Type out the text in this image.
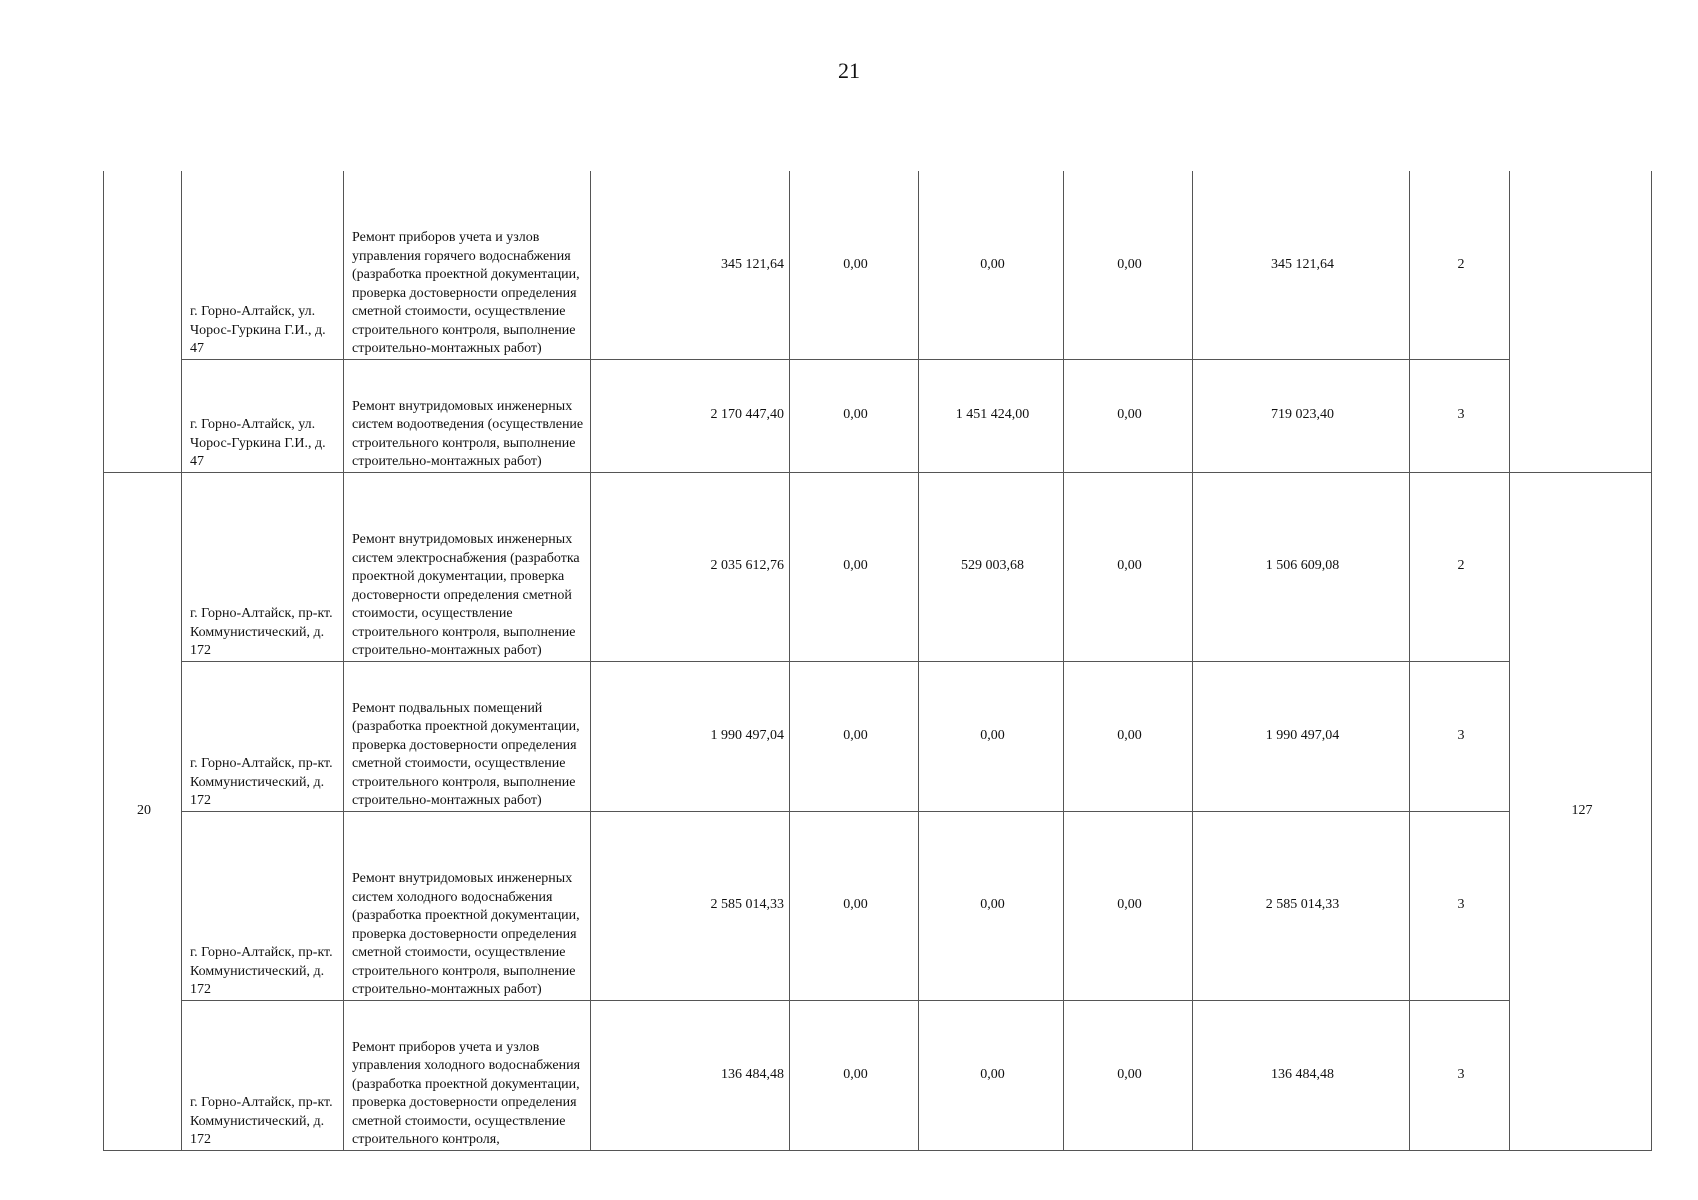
21
	г. Горно-Алтайск, ул. Чорос-Гуркина Г.И., д. 47	Ремонт приборов учета и узлов управления горячего водоснабжения (разработка проектной документации, проверка достоверности определения сметной стоимости, осуществление строительного контроля, выполнение строительно-монтажных работ)	345 121,64	0,00	0,00	0,00	345 121,64	2	
	г. Горно-Алтайск, ул. Чорос-Гуркина Г.И., д. 47	Ремонт внутридомовых инженерных систем водоотведения (осуществление строительного контроля, выполнение строительно-монтажных работ)	2 170 447,40	0,00	1 451 424,00	0,00	719 023,40	3	
20	г. Горно-Алтайск, пр-кт. Коммунистический, д. 172	Ремонт внутридомовых инженерных систем электроснабжения (разработка проектной документации, проверка достоверности определения сметной стоимости, осуществление строительного контроля, выполнение строительно-монтажных работ)	2 035 612,76	0,00	529 003,68	0,00	1 506 609,08	2	127
	г. Горно-Алтайск, пр-кт. Коммунистический, д. 172	Ремонт подвальных помещений (разработка проектной документации, проверка достоверности определения сметной стоимости, осуществление строительного контроля, выполнение строительно-монтажных работ)	1 990 497,04	0,00	0,00	0,00	1 990 497,04	3	
	г. Горно-Алтайск, пр-кт. Коммунистический, д. 172	Ремонт внутридомовых инженерных систем холодного водоснабжения (разработка проектной документации, проверка достоверности определения сметной стоимости, осуществление строительного контроля, выполнение строительно-монтажных работ)	2 585 014,33	0,00	0,00	0,00	2 585 014,33	3	
	г. Горно-Алтайск, пр-кт. Коммунистический, д. 172	Ремонт приборов учета и узлов управления холодного водоснабжения (разработка проектной документации, проверка достоверности определения сметной стоимости, осуществление строительного контроля,	136 484,48	0,00	0,00	0,00	136 484,48	3	
